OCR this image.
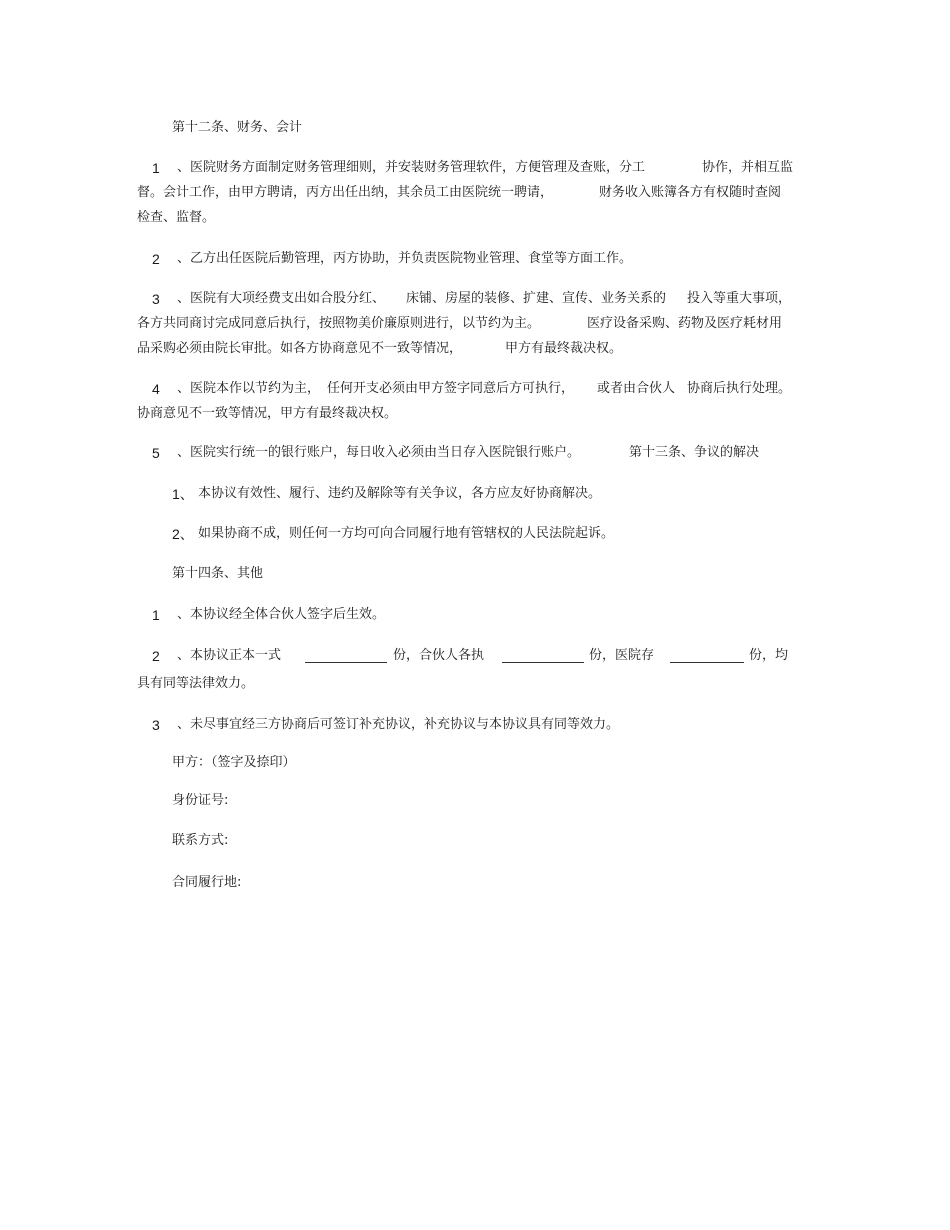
第十二条、财务、会计
1 、医院财务方面制定财务管理细则，并安装财务管理软件，方便管理及查账，分工	协作，并相互监
督。会计工作，由甲方聘请，丙方出任出纳，其余员工由医院统一聘请，	财务收入账簿各方有权随时查阅
检查、监督。
2 、乙方出任医院后勤管理，丙方协助，并负责医院物业管理、食堂等方面工作。
3 、医院有大项经费支出如合股分红、 床铺、房屋的装修、扩建、宣传、业务关系的 投入等重大事项，
各方共同商讨完成同意后执行，按照物美价廉原则进行，以节约为主。	医疗设备采购、药物及医疗耗材用
品采购必须由院长审批。如各方协商意见不一致等情况，	甲方有最终裁决权。
4 、医院本作以节约为主， 任何开支必须由甲方签字同意后方可执行， 或者由合伙人 协商后执行处理。
协商意见不一致等情况，甲方有最终裁决权。
5 、医院实行统一的银行账户，每日收入必须由当日存入医院银行账户。	第十三条、争议的解决
1、 本协议有效性、履行、违约及解除等有关争议，各方应友好协商解决。
2、 如果协商不成，则任何一方均可向合同履行地有管辖权的人民法院起诉。
第十四条、其他
1 、本协议经全体合伙人签字后生效。
2 、本协议正本一式	份，合伙人各执	份，医院存	份，均
具有同等法律效力。
3 、未尽事宜经三方协商后可签订补充协议，补充协议与本协议具有同等效力。
甲方：（签字及捺印）
身份证号:
联系方式:
合同履行地:
